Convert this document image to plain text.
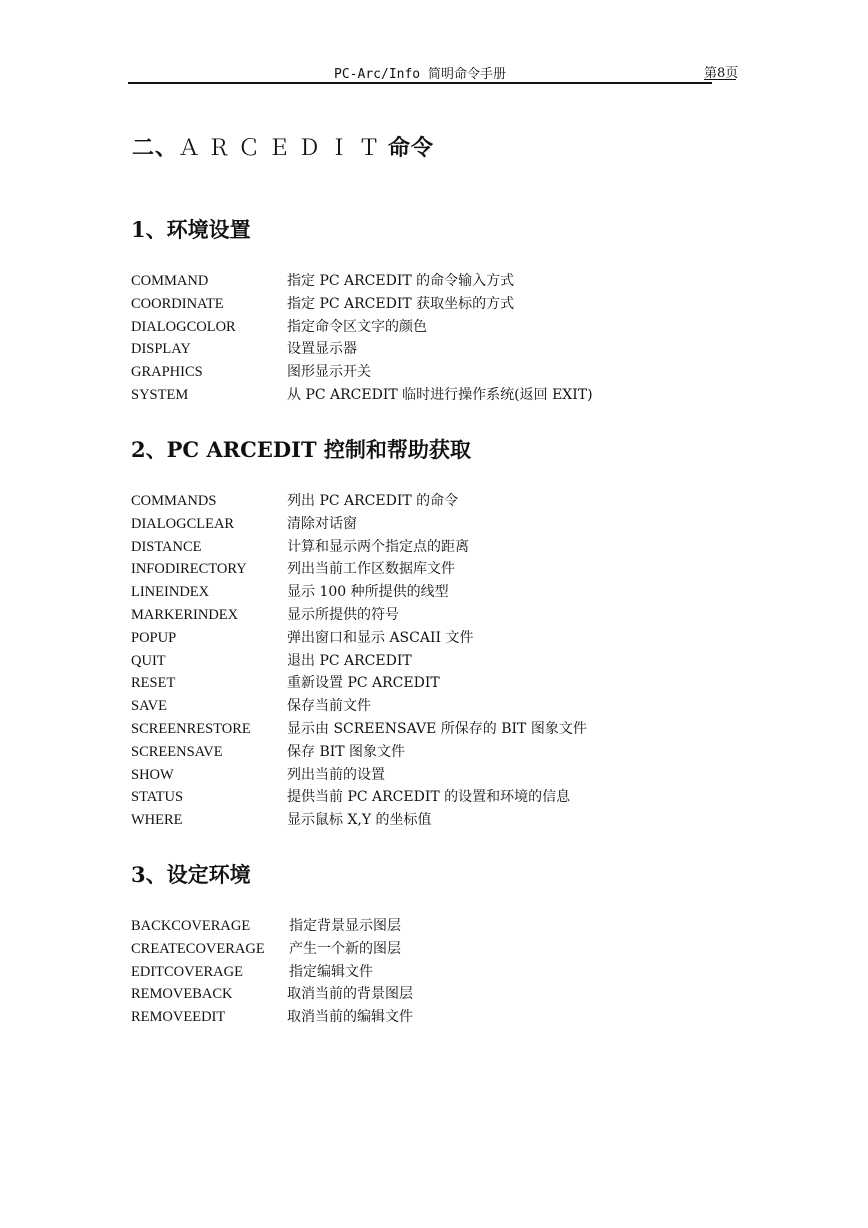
PC-Arc/Info 简明命令手册	第8页
二、ＡＲＣＥＤＩＴ命令
1、环境设置
COMMAND	指定 PC ARCEDIT 的命令输入方式
COORDINATE	指定 PC ARCEDIT 获取坐标的方式
DIALOGCOLOR	指定命令区文字的颜色
DISPLAY	设置显示器
GRAPHICS	图形显示开关
SYSTEM	从 PC ARCEDIT 临时进行操作系统(返回 EXIT)
2、PC ARCEDIT 控制和帮助获取
COMMANDS	列出 PC ARCEDIT 的命令
DIALOGCLEAR	清除对话窗
DISTANCE	计算和显示两个指定点的距离
INFODIRECTORY	列出当前工作区数据库文件
LINEINDEX	显示 100 种所提供的线型
MARKERINDEX	显示所提供的符号
POPUP	弹出窗口和显示 ASCAII 文件
QUIT	退出 PC ARCEDIT
RESET	重新设置 PC ARCEDIT
SAVE	保存当前文件
SCREENRESTORE	显示由 SCREENSAVE 所保存的 BIT 图象文件
SCREENSAVE	保存 BIT 图象文件
SHOW	列出当前的设置
STATUS	提供当前 PC ARCEDIT 的设置和环境的信息
WHERE	显示鼠标 X,Y 的坐标值
3、设定环境
BACKCOVERAGE	指定背景显示图层
CREATECOVERAGE 产生一个新的图层
EDITCOVERAGE	指定编辑文件
REMOVEBACK	取消当前的背景图层
REMOVEEDIT	取消当前的编辑文件
